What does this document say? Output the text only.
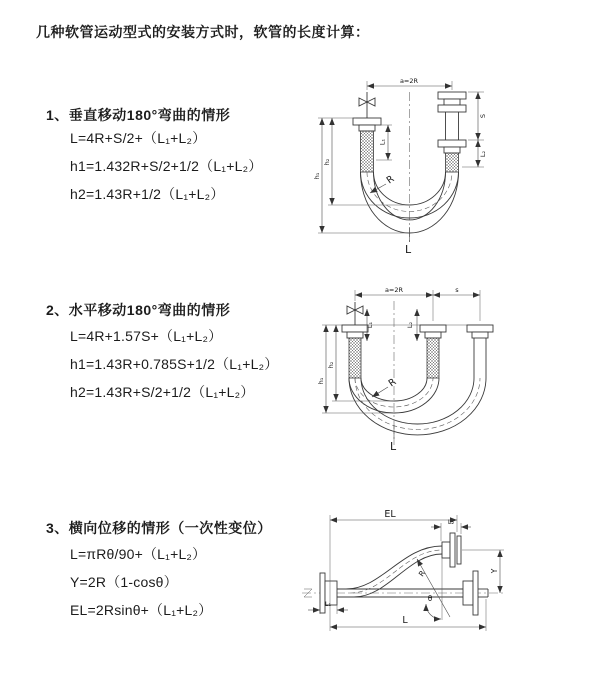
几种软管运动型式的安装方式时，软管的长度计算：
1、垂直移动180°弯曲的情形
L=4R+S/2+（L₁+L₂）
h1=1.432R+S/2+1/2（L₁+L₂）
h2=1.43R+1/2（L₁+L₂）
2、水平移动180°弯曲的情形
L=4R+1.57S+（L₁+L₂）
h1=1.43R+0.785S+1/2（L₁+L₂）
h2=1.43R+S/2+1/2（L₁+L₂）
3、横向位移的情形（一次性变位）
L=πRθ/90+（L₁+L₂）
Y=2R（1-cosθ）
EL=2Rsinθ+（L₁+L₂）
a=2R
h₁
h₂
L₁
S
L₂
R
L
a=2R	s
h₁
h₂
L₁	L₂
R
L
EL
L₂
Y
L
L₁
R
θ
